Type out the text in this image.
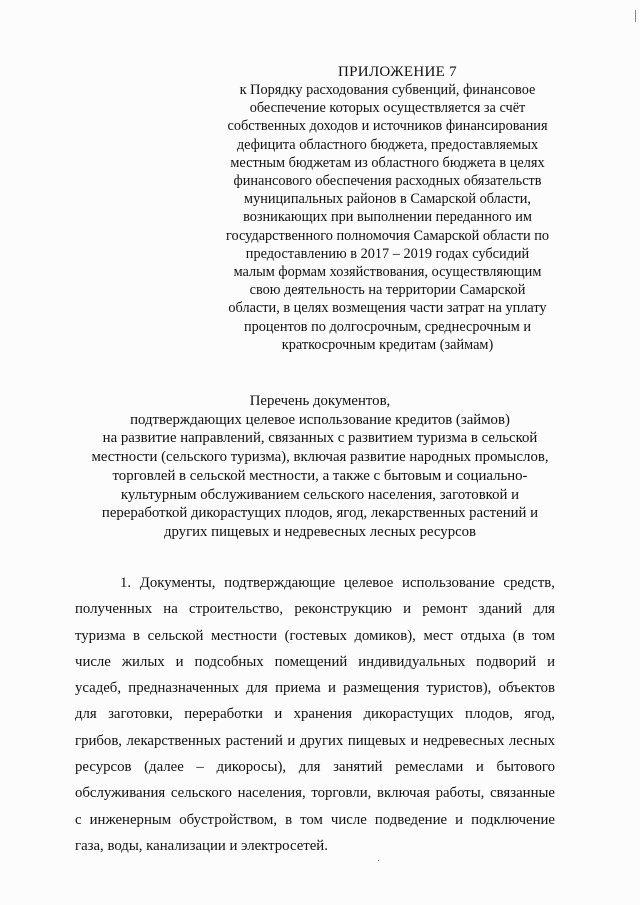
ПРИЛОЖЕНИЕ 7
к Порядку расходования субвенций, финансовое
обеспечение которых осуществляется за счёт
собственных доходов и источников финансирования
дефицита областного бюджета, предоставляемых
местным бюджетам из областного бюджета в целях
финансового обеспечения расходных обязательств
муниципальных районов в Самарской области,
возникающих при выполнении переданного им
государственного полномочия Самарской области по
предоставлению в 2017 – 2019 годах субсидий
малым формам хозяйствования, осуществляющим
свою деятельность на территории Самарской
области, в целях возмещения части затрат на уплату
процентов по долгосрочным, среднесрочным и
краткосрочным кредитам (займам)
Перечень документов,
подтверждающих целевое использование кредитов (займов)
на развитие направлений, связанных с развитием туризма в сельской
местности (сельского туризма), включая развитие народных промыслов,
торговлей в сельской местности, а также с бытовым и социально-
культурным обслуживанием сельского населения, заготовкой и
переработкой дикорастущих плодов, ягод, лекарственных растений и
других пищевых и недревесных лесных ресурсов
1. Документы, подтверждающие целевое использование средств,
полученных на строительство, реконструкцию и ремонт зданий для
туризма в сельской местности (гостевых домиков), мест отдыха (в том
числе жилых и подсобных помещений индивидуальных подворий и
усадеб, предназначенных для приема и размещения туристов), объектов
для заготовки, переработки и хранения дикорастущих плодов, ягод,
грибов, лекарственных растений и других пищевых и недревесных лесных
ресурсов (далее – дикоросы), для занятий ремеслами и бытового
обслуживания сельского населения, торговли, включая работы, связанные
с инженерным обустройством, в том числе подведение и подключение
газа, воды, канализации и электросетей.
